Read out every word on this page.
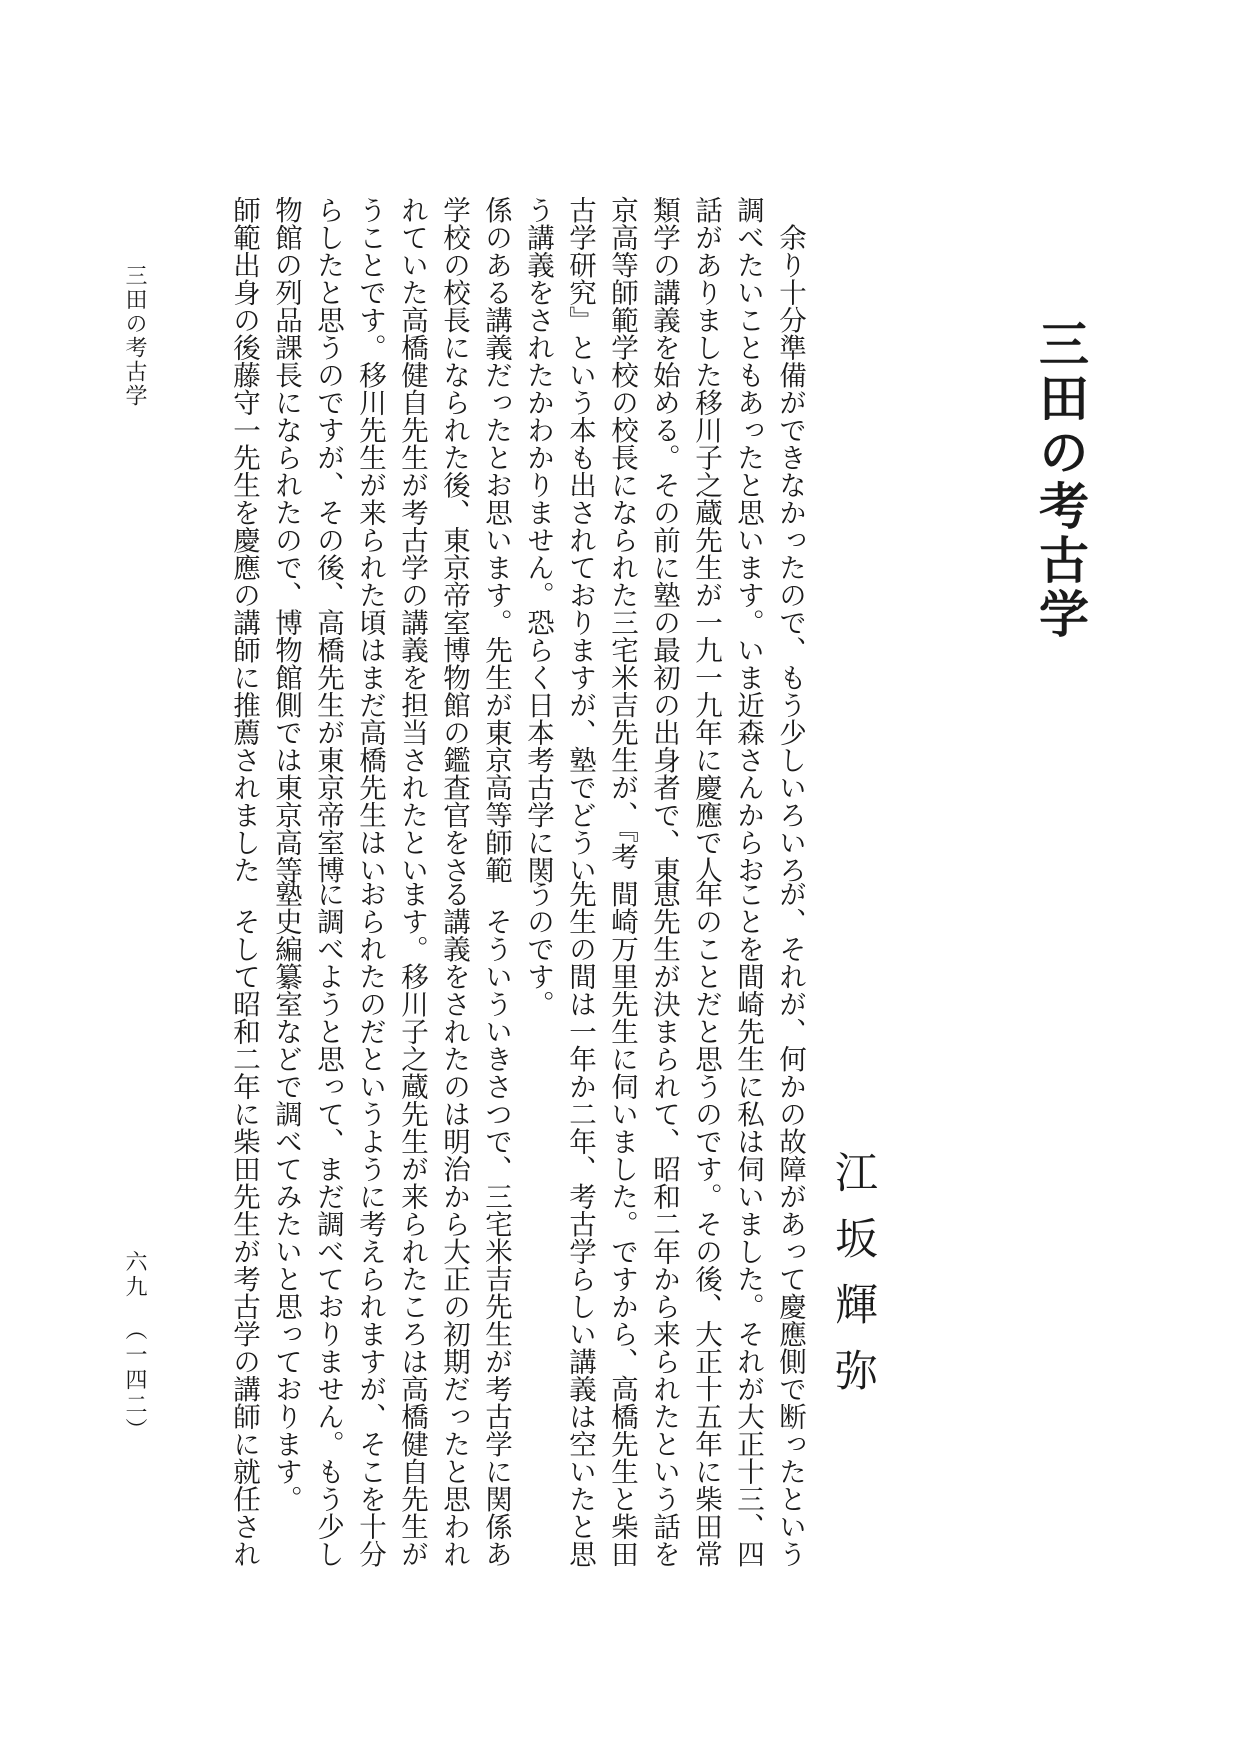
三田の考古学
江坂輝弥

　余り十分準備ができなかったので、もう少しいろいろ

調べたいこともあったと思います。いま近森さんからお

話がありました移川子之蔵先生が一九一九年に慶應で人

類学の講義を始める。その前に塾の最初の出身者で、東

京高等師範学校の校長になられた三宅米吉先生が、『考

古学研究』という本も出されておりますが、塾でどうい

う講義をされたかわかりません。恐らく日本考古学に関

係のある講義だったとお思います。先生が東京高等師範

学校の校長になられた後、東京帝室博物館の鑑査官をさ

れていた高橋健自先生が考古学の講義を担当されたとい

うことです。移川先生が来られた頃はまだ高橋先生はい

らしたと思うのですが、その後、高橋先生が東京帝室博

物館の列品課長になられたので、博物館側では東京高等

師範出身の後藤守一先生を慶應の講師に推薦されました

が、それが、何かの故障があって慶應側で断ったという

ことを間崎先生に私は伺いました。それが大正十三、四

年のことだと思うのです。その後、大正十五年に柴田常

恵先生が決まられて、昭和二年から来られたという話を

間崎万里先生に伺いました。ですから、高橋先生と柴田

先生の間は一年か二年、考古学らしい講義は空いたと思

うのです。

　そういういきさつで、三宅米吉先生が考古学に関係あ

る講義をされたのは明治から大正の初期だったと思われ

ます。移川子之蔵先生が来られたころは高橋健自先生が

おられたのだというように考えられますが、そこを十分

に調べようと思って、まだ調べておりません。もう少し

塾史編纂室などで調べてみたいと思っております。

　そして昭和二年に柴田先生が考古学の講師に就任され

三田の考古学
六九（一四二）
